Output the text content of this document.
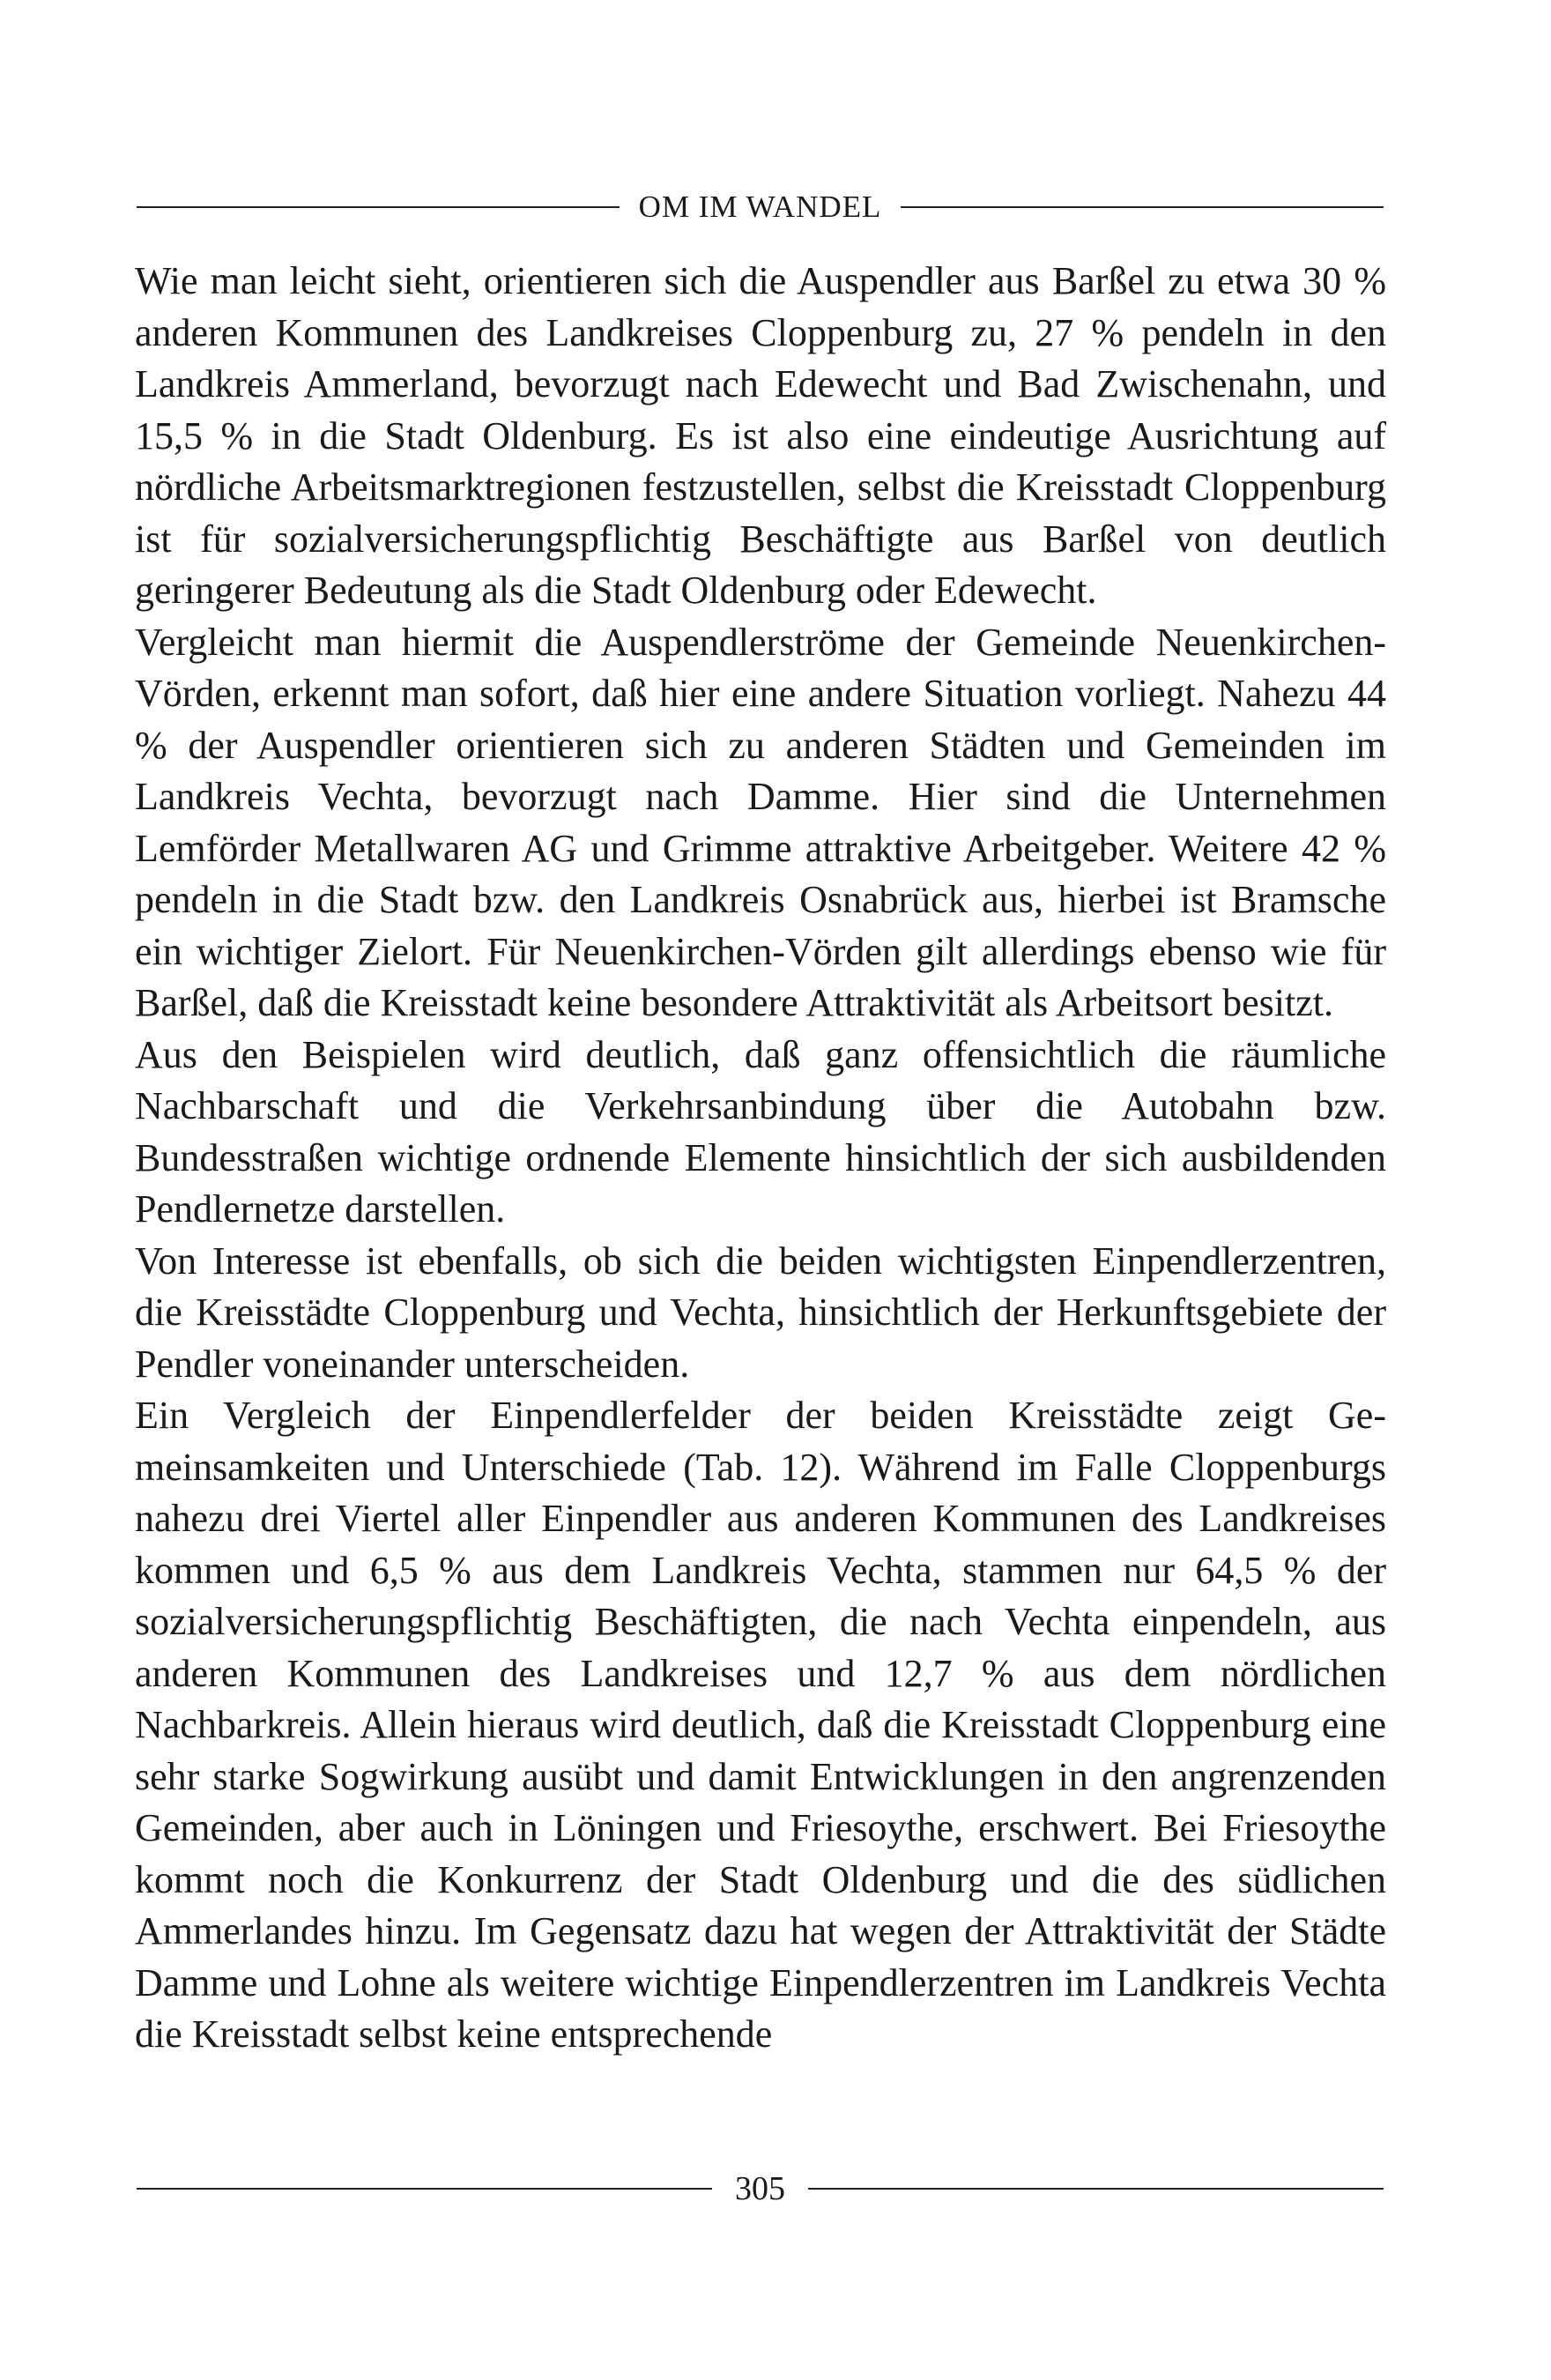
OM IM WANDEL

Wie man leicht sieht, orientieren sich die Auspendler aus Barßel zu etwa 30 % anderen Kommunen des Landkreises Cloppenburg zu, 27 % pendeln in den Landkreis Ammerland, bevorzugt nach Edewecht und Bad Zwischenahn, und 15,5 % in die Stadt Oldenburg. Es ist also eine eindeutige Ausrichtung auf nördliche Arbeitsmarktregionen festzustellen, selbst die Kreisstadt Cloppenburg ist für sozialversicherungspflichtig Beschäftigte aus Barßel von deutlich geringerer Bedeutung als die Stadt Oldenburg oder Edewecht.

Vergleicht man hiermit die Auspendlerströme der Gemeinde Neuenkirchen-Vörden, erkennt man sofort, daß hier eine andere Situation vorliegt. Nahezu 44 % der Auspendler orientieren sich zu anderen Städten und Gemeinden im Landkreis Vechta, bevorzugt nach Damme. Hier sind die Unternehmen Lemförder Metallwaren AG und Grimme attraktive Arbeitgeber. Weitere 42 % pendeln in die Stadt bzw. den Landkreis Osnabrück aus, hierbei ist Bramsche ein wichtiger Zielort. Für Neuenkirchen-Vörden gilt allerdings ebenso wie für Barßel, daß die Kreisstadt keine besondere Attraktivität als Arbeitsort besitzt.

Aus den Beispielen wird deutlich, daß ganz offensichtlich die räumliche Nachbarschaft und die Verkehrsanbindung über die Autobahn bzw. Bundesstraßen wichtige ordnende Elemente hinsichtlich der sich ausbildenden Pendlernetze darstellen.

Von Interesse ist ebenfalls, ob sich die beiden wichtigsten Einpendlerzentren, die Kreisstädte Cloppenburg und Vechta, hinsichtlich der Herkunftsgebiete der Pendler voneinander unterscheiden.

Ein Vergleich der Einpendlerfelder der beiden Kreisstädte zeigt Gemeinsamkeiten und Unterschiede (Tab. 12). Während im Falle Cloppenburgs nahezu drei Viertel aller Einpendler aus anderen Kommunen des Landkreises kommen und 6,5 % aus dem Landkreis Vechta, stammen nur 64,5 % der sozialversicherungspflichtig Beschäftigten, die nach Vechta einpendeln, aus anderen Kommunen des Landkreises und 12,7 % aus dem nördlichen Nachbarkreis. Allein hieraus wird deutlich, daß die Kreisstadt Cloppenburg eine sehr starke Sogwirkung ausübt und damit Entwicklungen in den angrenzenden Gemeinden, aber auch in Löningen und Friesoythe, erschwert. Bei Friesoythe kommt noch die Konkurrenz der Stadt Oldenburg und die des südlichen Ammerlandes hinzu. Im Gegensatz dazu hat wegen der Attraktivität der Städte Damme und Lohne als weitere wichtige Einpendlerzentren im Landkreis Vechta die Kreisstadt selbst keine entsprechende

305
